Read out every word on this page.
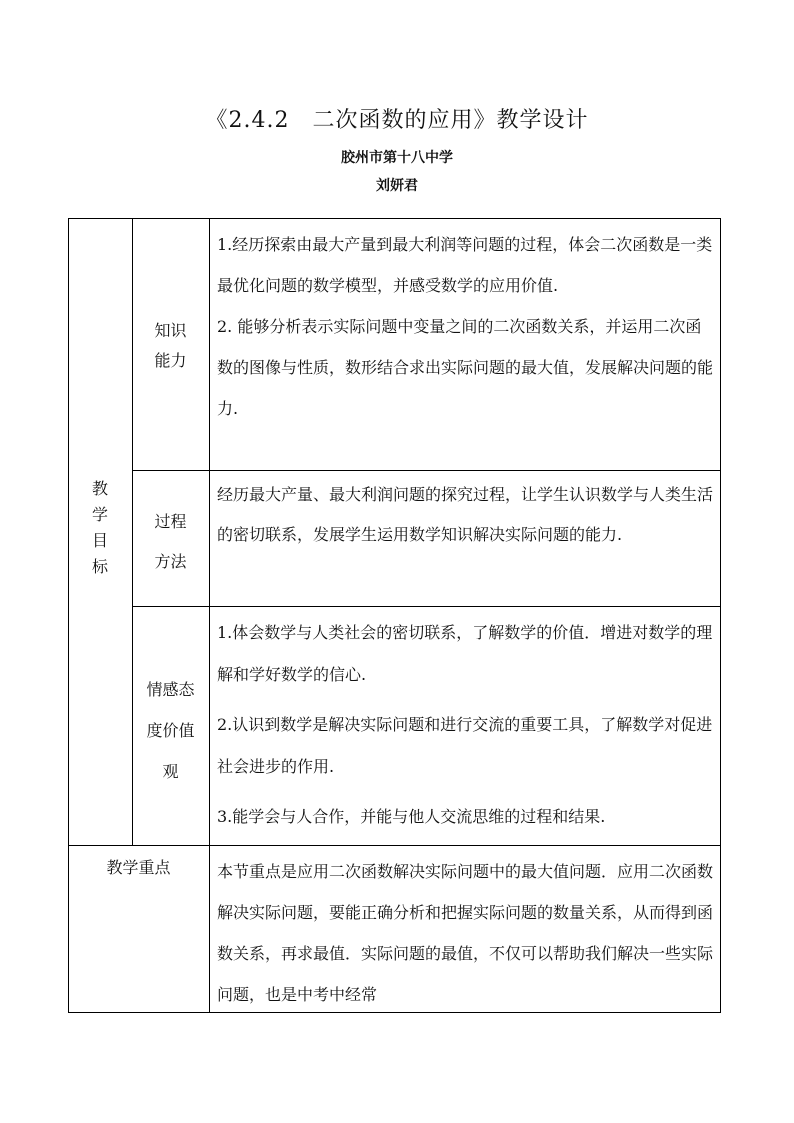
《2.4.2　二次函数的应用》教学设计
胶州市第十八中学
刘妍君
教
学
目
标
知识
能力
1.经历探索由最大产量到最大利润等问题的过程，体会二次函数是一类最优化问题的数学模型，并感受数学的应用价值.
2. 能够分析表示实际问题中变量之间的二次函数关系，并运用二次函数的图像与性质，数形结合求出实际问题的最大值，发展解决问题的能力.
过程
方法
经历最大产量、最大利润问题的探究过程，让学生认识数学与人类生活的密切联系，发展学生运用数学知识解决实际问题的能力.
情感态
度价值
观
1.体会数学与人类社会的密切联系，了解数学的价值．增进对数学的理解和学好数学的信心.
2.认识到数学是解决实际问题和进行交流的重要工具，了解数学对促进社会进步的作用.
3.能学会与人合作，并能与他人交流思维的过程和结果.
教学重点	本节重点是应用二次函数解决实际问题中的最大值问题．应用二次函数解决实际问题，要能正确分析和把握实际问题的数量关系，从而得到函数关系，再求最值．实际问题的最值，不仅可以帮助我们解决一些实际问题，也是中考中经常
